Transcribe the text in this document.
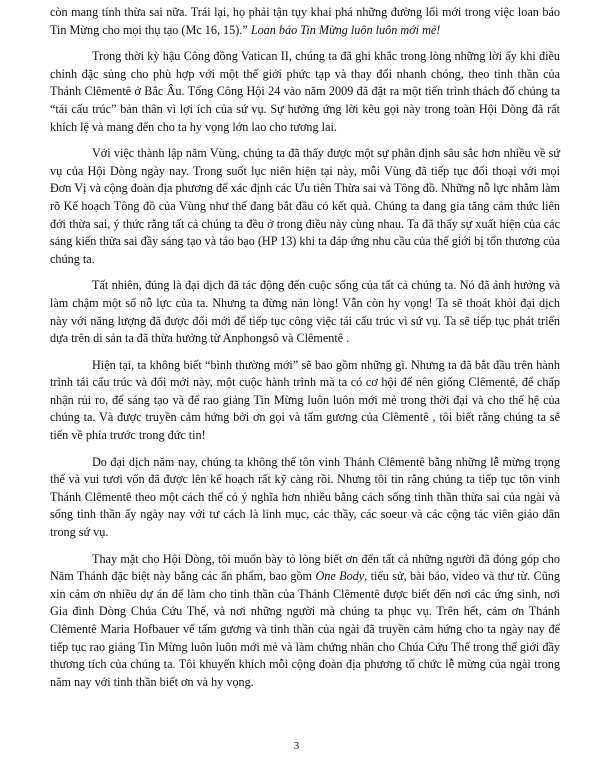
còn mang tính thừa sai nữa. Trái lại, họ phải tận tụy khai phá những đường lối mới trong việc loan báo Tin Mừng cho mọi thụ tạo (Mc 16, 15).” Loan báo Tin Mừng luôn luôn mới mẻ!

Trong thời kỳ hậu Công đồng Vatican II, chúng ta đã ghi khắc trong lòng những lời ấy khi điều chỉnh đặc sủng cho phù hợp với một thế giới phức tạp và thay đổi nhanh chóng, theo tinh thần của Thánh Clêmentê ở Bắc Âu. Tổng Công Hội 24 vào năm 2009 đã đặt ra một tiến trình thách đố chúng ta “tái cấu trúc” bản thân vì lợi ích của sứ vụ. Sự hưởng ứng lời kêu gọi này trong toàn Hội Dòng đã rất khích lệ và mang đến cho ta hy vọng lớn lao cho tương lai.

Với việc thành lập năm Vùng, chúng ta đã thấy được một sự phân định sâu sắc hơn nhiều về sứ vụ của Hội Dòng ngày nay. Trong suốt lục niên hiện tại này, mỗi Vùng đã tiếp tục đối thoại với mọi Đơn Vị và cộng đoàn địa phương để xác định các Ưu tiên Thừa sai và Tông đồ. Những nỗ lực nhằm làm rõ Kế hoạch Tông đồ của Vùng như thế đang bắt đầu có kết quả. Chúng ta đang gia tăng cảm thức liên đới thừa sai, ý thức rằng tất cả chúng ta đều ở trong điều này cùng nhau. Ta đã thấy sự xuất hiện của các sáng kiến thừa sai đầy sáng tạo và táo bạo (HP 13) khi ta đáp ứng nhu cầu của thế giới bị tổn thương của chúng ta.

Tất nhiên, đúng là đại dịch đã tác động đến cuộc sống của tất cả chúng ta. Nó đã ảnh hưởng và làm chậm một số nỗ lực của ta. Nhưng ta đừng nản lòng! Vẫn còn hy vọng! Ta sẽ thoát khỏi đại dịch này với năng lượng đã được đổi mới để tiếp tục công việc tái cấu trúc vì sứ vụ. Ta sẽ tiếp tục phát triển dựa trên di sản ta đã thừa hưởng từ Anphongsô và Clêmentê .

Hiện tại, ta không biết “bình thường mới” sẽ bao gồm những gì. Nhưng ta đã bắt đầu trên hành trình tái cấu trúc và đổi mới này, một cuộc hành trình mà ta có cơ hội để nên giống Clêmentê, để chấp nhận rủi ro, để sáng tạo và để rao giảng Tin Mừng luôn luôn mới mẻ trong thời đại và cho thế hệ của chúng ta. Và được truyền cảm hứng bởi ơn gọi và tấm gương của Clêmentê , tôi biết rằng chúng ta sẽ tiến về phía trước trong đức tin!

Do đại dịch năm nay, chúng ta không thể tôn vinh Thánh Clêmentê bằng những lễ mừng trọng thể và vui tươi vốn đã được lên kế hoạch rất kỹ càng rồi. Nhưng tôi tin rằng chúng ta tiếp tục tôn vinh Thánh Clêmentê theo một cách thế có ý nghĩa hơn nhiều bằng cách sống tinh thần thừa sai của ngài và sống tinh thần ấy ngày nay với tư cách là linh mục, các thầy, các soeur và các cộng tác viên giáo dân trong sứ vụ.

Thay mặt cho Hội Dòng, tôi muốn bày tỏ lòng biết ơn đến tất cả những người đã đóng góp cho Năm Thánh đặc biệt này bằng các ấn phẩm, bao gồm One Body, tiểu sử, bài báo, video và thư từ. Cũng xin cảm ơn nhiều dự án để làm cho tinh thần của Thánh Clêmentê được biết đến nơi các ứng sinh, nơi Gia đình Dòng Chúa Cứu Thế, và nơi những người mà chúng ta phục vụ. Trên hết, cảm ơn Thánh Clêmentê Maria Hofbauer vế tấm gương và tinh thần của ngài đã truyền cảm hứng cho ta ngày nay để tiếp tục rao giảng Tin Mừng luôn luôn mới mẻ và làm chứng nhân cho Chúa Cứu Thế trong thế giới đầy thương tích của chúng ta. Tôi khuyến khích mỗi cộng đoàn địa phương tổ chức lễ mừng của ngài trong năm nay với tinh thần biết ơn và hy vọng.

3
